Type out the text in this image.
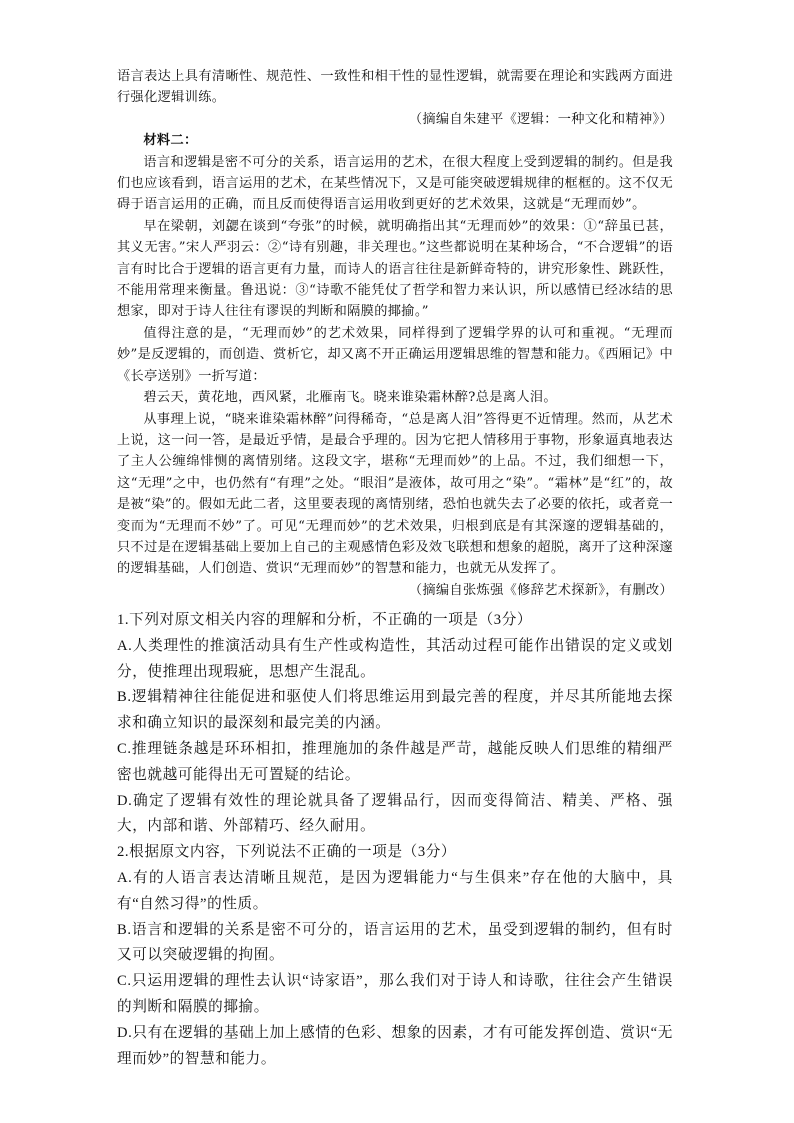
语言表达上具有清晰性、规范性、一致性和相干性的显性逻辑，就需要在理论和实践两方面进行强化逻辑训练。

（摘编自朱建平《逻辑：一种文化和精神》）

材料二：

语言和逻辑是密不可分的关系，语言运用的艺术，在很大程度上受到逻辑的制约。但是我们也应该看到，语言运用的艺术，在某些情况下，又是可能突破逻辑规律的框框的。这不仅无碍于语言运用的正确，而且反而使得语言运用收到更好的艺术效果，这就是“无理而妙”。

早在梁朝，刘勰在谈到“夸张”的时候，就明确指出其“无理而妙”的效果：①“辞虽已甚，其义无害。”宋人严羽云：②“诗有别趣，非关理也。”这些都说明在某种场合，“不合逻辑”的语言有时比合于逻辑的语言更有力量，而诗人的语言往往是新鲜奇特的，讲究形象性、跳跃性，不能用常理来衡量。鲁迅说：③“诗歌不能凭仗了哲学和智力来认识，所以感情已经冰结的思想家，即对于诗人往往有谬误的判断和隔膜的揶揄。”

值得注意的是，“无理而妙”的艺术效果，同样得到了逻辑学界的认可和重视。“无理而妙”是反逻辑的，而创造、赏析它，却又离不开正确运用逻辑思维的智慧和能力。《西厢记》中《长亭送别》一折写道：

碧云天，黄花地，西风紧，北雁南飞。晓来谁染霜林醉?总是离人泪。

从事理上说，“晓来谁染霜林醉”问得稀奇，“总是离人泪”答得更不近情理。然而，从艺术上说，这一问一答，是最近乎情，是最合乎理的。因为它把人情移用于事物，形象逼真地表达了主人公缠绵悱恻的离情别绪。这段文字，堪称“无理而妙”的上品。不过，我们细想一下，这“无理”之中，也仍然有“有理”之处。“眼泪”是液体，故可用之“染”。“霜林”是“红”的，故是被“染”的。假如无此二者，这里要表现的离情别绪，恐怕也就失去了必要的依托，或者竟一变而为“无理而不妙”了。可见“无理而妙”的艺术效果，归根到底是有其深邃的逻辑基础的，只不过是在逻辑基础上要加上自己的主观感情色彩及效飞联想和想象的超脱，离开了这种深邃的逻辑基础，人们创造、赏识“无理而妙”的智慧和能力，也就无从发挥了。

（摘编自张炼强《修辞艺术探新》，有删改）

1.下列对原文相关内容的理解和分析，不正确的一项是（3分）

A.人类理性的推演活动具有生产性或构造性，其活动过程可能作出错误的定义或划分，使推理出现瑕疵，思想产生混乱。

B.逻辑精神往往能促进和驱使人们将思维运用到最完善的程度，并尽其所能地去探求和确立知识的最深刻和最完美的内涵。

C.推理链条越是环环相扣，推理施加的条件越是严苛，越能反映人们思维的精细严密也就越可能得出无可置疑的结论。

D.确定了逻辑有效性的理论就具备了逻辑品行，因而变得简洁、精美、严格、强大，内部和谐、外部精巧、经久耐用。

2.根据原文内容，下列说法不正确的一项是（3分）

A.有的人语言表达清晰且规范，是因为逻辑能力“与生俱来”存在他的大脑中，具有“自然习得”的性质。

B.语言和逻辑的关系是密不可分的，语言运用的艺术，虽受到逻辑的制约，但有时又可以突破逻辑的拘囿。

C.只运用逻辑的理性去认识“诗家语”，那么我们对于诗人和诗歌，往往会产生错误的判断和隔膜的揶揄。

D.只有在逻辑的基础上加上感情的色彩、想象的因素，才有可能发挥创造、赏识“无理而妙”的智慧和能力。
